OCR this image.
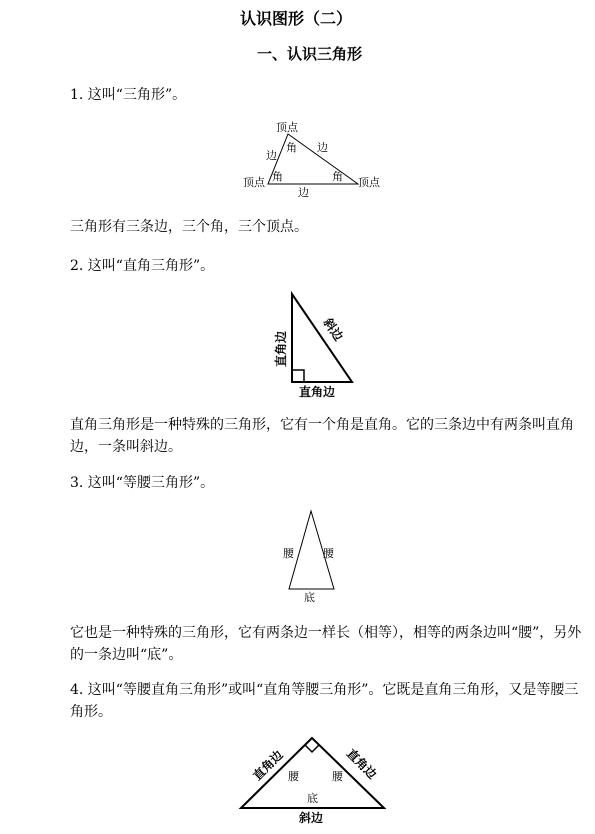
认识图形（二）
一、认识三角形
1. 这叫“三角形”。
顶点
顶点	顶点
边
边
边
角
角	角
三角形有三条边，三个角，三个顶点。
2. 这叫“直角三角形”。
直角边
斜边
直角边
直角三角形是一种特殊的三角形，它有一个角是直角。它的三条边中有两条叫直角边，一条叫斜边。
3. 这叫“等腰三角形”。
腰	腰
底
它也是一种特殊的三角形，它有两条边一样长（相等），相等的两条边叫“腰”，另外的一条边叫“底”。
4. 这叫“等腰直角三角形”或叫“直角等腰三角形”。它既是直角三角形，又是等腰三角形。
直角边	直角边
腰	腰
底
斜边
